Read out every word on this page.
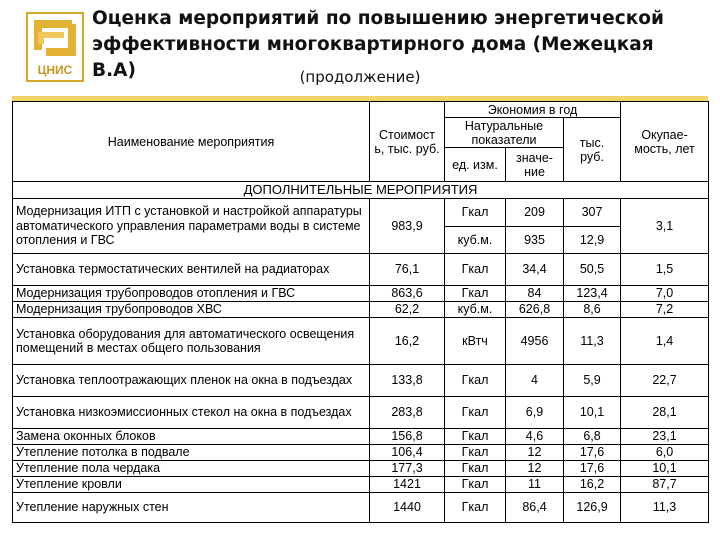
ЦНИС
Оценка мероприятий по повышению энергетической
эффективности многоквартирного дома (Межецкая В.А)	(продолжение)
Наименование мероприятия	Стоимост ь, тыс. руб.	Экономия в год			Окупае- мость, лет
		Натуральные показатели		тыс. руб.	
		ед. изм.	значе- ние		
ДОПОЛНИТЕЛЬНЫЕ МЕРОПРИЯТИЯ					
Модернизация ИТП с установкой и настройкой аппаратуры автоматического управления параметрами воды в системе отопления и ГВС	983,9	Гкал	209	307	3,1
		куб.м.	935	12,9	
Установка термостатических вентилей на радиаторах	76,1	Гкал	34,4	50,5	1,5
Модернизация трубопроводов отопления и ГВС	863,6	Гкал	84	123,4	7,0
Модернизация трубопроводов ХВС	62,2	куб.м.	626,8	8,6	7,2
Установка оборудования для автоматического освещения помещений в местах общего пользования	16,2	кВтч	4956	11,3	1,4
Установка теплоотражающих пленок на окна в подъездах	133,8	Гкал	4	5,9	22,7
Установка низкоэмиссионных стекол на окна в подъездах	283,8	Гкал	6,9	10,1	28,1
Замена оконных блоков	156,8	Гкал	4,6	6,8	23,1
Утепление потолка в подвале	106,4	Гкал	12	17,6	6,0
Утепление пола чердака	177,3	Гкал	12	17,6	10,1
Утепление кровли	1421	Гкал	11	16,2	87,7
Утепление наружных стен	1440	Гкал	86,4	126,9	11,3
